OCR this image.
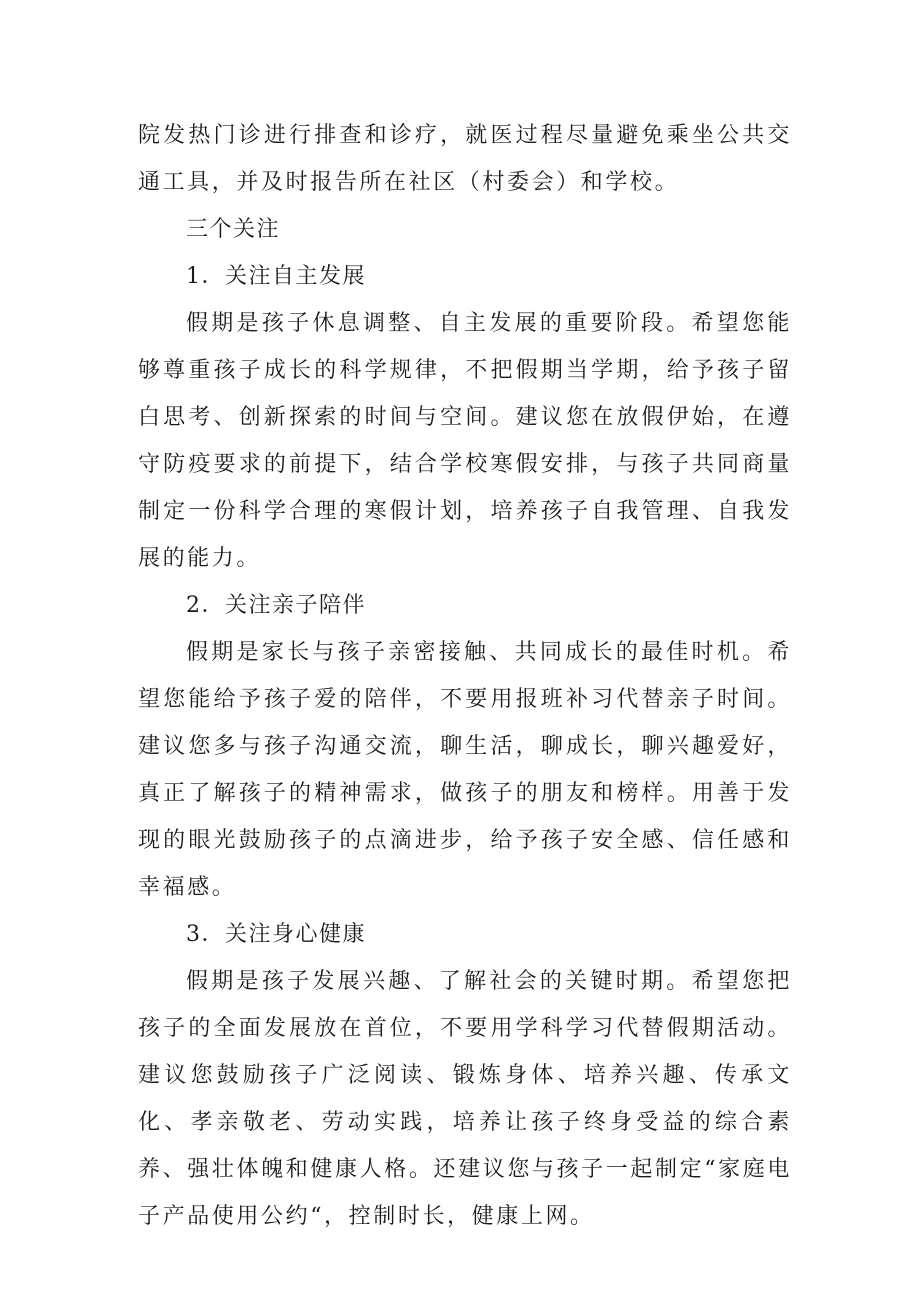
院发热门诊进行排查和诊疗，就医过程尽量避免乘坐公共交通工具，并及时报告所在社区（村委会）和学校。

三个关注

1．关注自主发展

假期是孩子休息调整、自主发展的重要阶段。希望您能够尊重孩子成长的科学规律，不把假期当学期，给予孩子留白思考、创新探索的时间与空间。建议您在放假伊始，在遵守防疫要求的前提下，结合学校寒假安排，与孩子共同商量制定一份科学合理的寒假计划，培养孩子自我管理、自我发展的能力。

2．关注亲子陪伴

假期是家长与孩子亲密接触、共同成长的最佳时机。希望您能给予孩子爱的陪伴，不要用报班补习代替亲子时间。建议您多与孩子沟通交流，聊生活，聊成长，聊兴趣爱好，真正了解孩子的精神需求，做孩子的朋友和榜样。用善于发现的眼光鼓励孩子的点滴进步，给予孩子安全感、信任感和幸福感。

3．关注身心健康

假期是孩子发展兴趣、了解社会的关键时期。希望您把孩子的全面发展放在首位，不要用学科学习代替假期活动。建议您鼓励孩子广泛阅读、锻炼身体、培养兴趣、传承文化、孝亲敬老、劳动实践，培养让孩子终身受益的综合素养、强壮体魄和健康人格。还建议您与孩子一起制定“家庭电子产品使用公约“，控制时长，健康上网。
